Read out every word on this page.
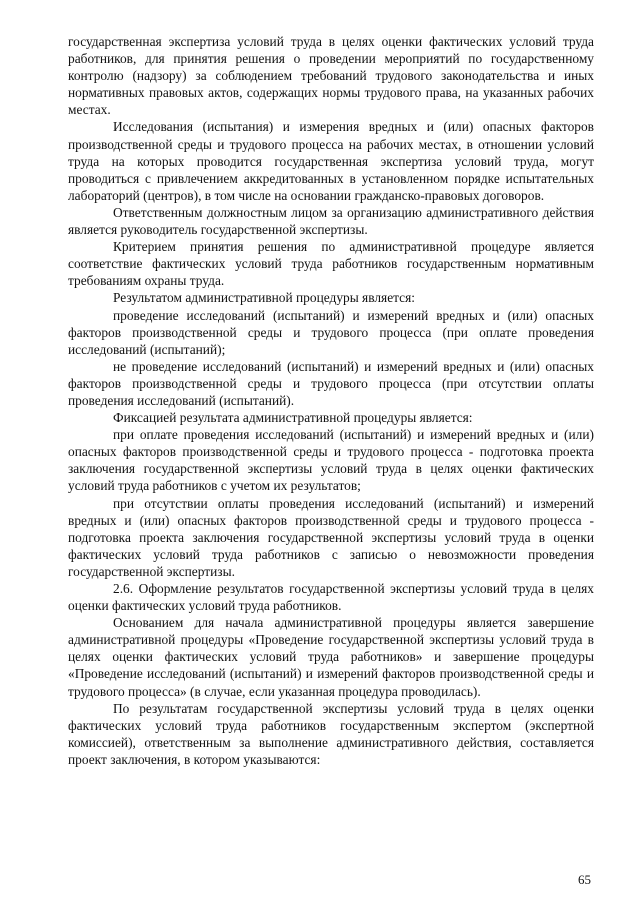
государственная экспертиза условий труда в целях оценки фактических условий труда работников, для принятия решения о проведении мероприятий по государственному контролю (надзору) за соблюдением требований трудового законодательства и иных нормативных правовых актов, содержащих нормы трудового права, на указанных рабочих местах.

Исследования (испытания) и измерения вредных и (или) опасных факторов производственной среды и трудового процесса на рабочих местах, в отношении условий труда на которых проводится государственная экспертиза условий труда, могут проводиться с привлечением аккредитованных в установленном порядке испытательных лабораторий (центров), в том числе на основании гражданско-правовых договоров.

Ответственным должностным лицом за организацию административного действия является руководитель государственной экспертизы.

Критерием принятия решения по административной процедуре является соответствие фактических условий труда работников государственным нормативным требованиям охраны труда.

Результатом административной процедуры является:

проведение исследований (испытаний) и измерений вредных и (или) опасных факторов производственной среды и трудового процесса (при оплате проведения исследований (испытаний);

не проведение исследований (испытаний) и измерений вредных и (или) опасных факторов производственной среды и трудового процесса (при отсутствии оплаты проведения исследований (испытаний).

Фиксацией результата административной процедуры является:

при оплате проведения исследований (испытаний) и измерений вредных и (или) опасных факторов производственной среды и трудового процесса - подготовка проекта заключения государственной экспертизы условий труда в целях оценки фактических условий труда работников с учетом их результатов;

при отсутствии оплаты проведения исследований (испытаний) и измерений вредных и (или) опасных факторов производственной среды и трудового процесса - подготовка проекта заключения государственной экспертизы условий труда в оценки фактических условий труда работников с записью о невозможности проведения государственной экспертизы.

2.6. Оформление результатов государственной экспертизы условий труда в целях оценки фактических условий труда работников.

Основанием для начала административной процедуры является завершение административной процедуры «Проведение государственной экспертизы условий труда в целях оценки фактических условий труда работников» и завершение процедуры «Проведение исследований (испытаний) и измерений факторов производственной среды и трудового процесса» (в случае, если указанная процедура проводилась).

По результатам государственной экспертизы условий труда в целях оценки фактических условий труда работников государственным экспертом (экспертной комиссией), ответственным за выполнение административного действия, составляется проект заключения, в котором указываются:

65
